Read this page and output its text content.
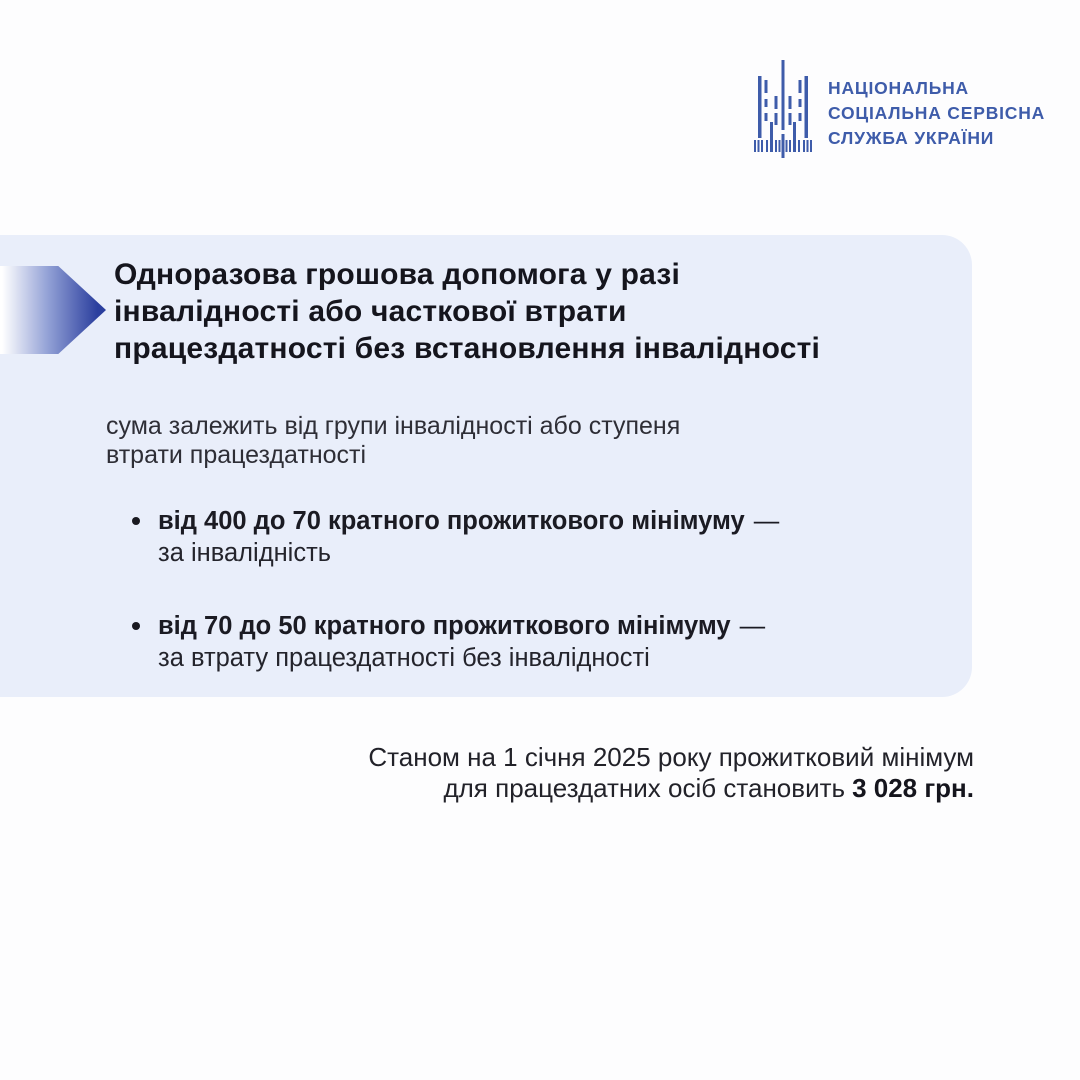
НАЦІОНАЛЬНА
СОЦІАЛЬНА СЕРВІСНА
СЛУЖБА УКРАЇНИ
Одноразова грошова допомога у разі
інвалідності або часткової втрати
працездатності без встановлення інвалідності

сума залежить від групи інвалідності або ступеня
втрати працездатності

від 400 до 70 кратного прожиткового мінімуму —
за інвалідність
від 70 до 50 кратного прожиткового мінімуму —
за втрату працездатності без інвалідності

Станом на 1 січня 2025 року прожитковий мінімум
для працездатних осіб становить 3 028 грн.
